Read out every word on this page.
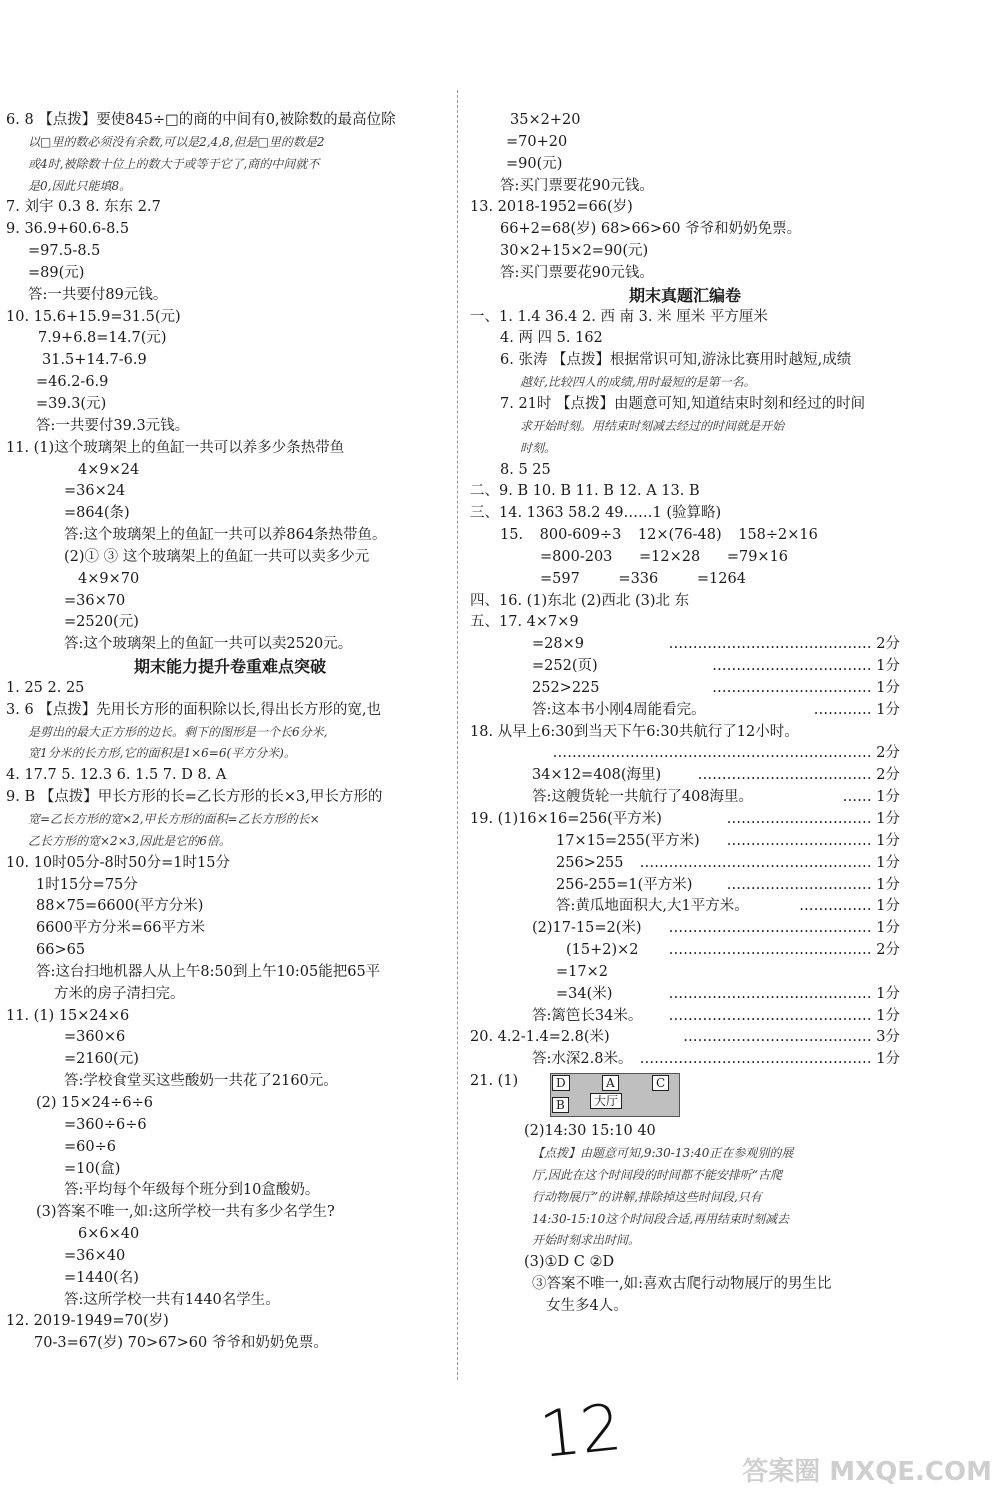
6. 8 【点拨】要使845÷□的商的中间有0,被除数的最高位除
以□里的数必须没有余数,可以是2,4,8,但是□里的数是2
或4时,被除数十位上的数大于或等于它了,商的中间就不
是0,因此只能填8。
7. 刘宇 0.3 8. 东东 2.7
9. 36.9+60.6-8.5
=97.5-8.5
=89(元)
答:一共要付89元钱。
10. 15.6+15.9=31.5(元)
7.9+6.8=14.7(元)
31.5+14.7-6.9
=46.2-6.9
=39.3(元)
答:一共要付39.3元钱。
11. (1)这个玻璃架上的鱼缸一共可以养多少条热带鱼
4×9×24
=36×24
=864(条)
答:这个玻璃架上的鱼缸一共可以养864条热带鱼。
(2)① ③ 这个玻璃架上的鱼缸一共可以卖多少元
4×9×70
=36×70
=2520(元)
答:这个玻璃架上的鱼缸一共可以卖2520元。
期末能力提升卷重难点突破
1. 25 2. 25
3. 6 【点拨】先用长方形的面积除以长,得出长方形的宽,也
是剪出的最大正方形的边长。剩下的图形是一个长6分米,
宽1分米的长方形,它的面积是1×6=6(平方分米)。
4. 17.7 5. 12.3 6. 1.5 7. D 8. A
9. B 【点拨】甲长方形的长=乙长方形的长×3,甲长方形的
宽=乙长方形的宽×2,甲长方形的面积=乙长方形的长×
乙长方形的宽×2×3,因此是它的6倍。
10. 10时05分-8时50分=1时15分
1时15分=75分
88×75=6600(平方分米)
6600平方分米=66平方米
66>65
答:这台扫地机器人从上午8:50到上午10:05能把65平
方米的房子清扫完。
11. (1) 15×24×6
=360×6
=2160(元)
答:学校食堂买这些酸奶一共花了2160元。
(2) 15×24÷6÷6
=360÷6÷6
=60÷6
=10(盒)
答:平均每个年级每个班分到10盒酸奶。
(3)答案不唯一,如:这所学校一共有多少名学生?
6×6×40
=36×40
=1440(名)
答:这所学校一共有1440名学生。
12. 2019-1949=70(岁)
70-3=67(岁) 70>67>60 爷爷和奶奶免票。
35×2+20
=70+20
=90(元)
答:买门票要花90元钱。
13. 2018-1952=66(岁)
66+2=68(岁) 68>66>60 爷爷和奶奶免票。
30×2+15×2=90(元)
答:买门票要花90元钱。
期末真题汇编卷
一、1. 1.4 36.4 2. 西 南 3. 米 厘米 平方厘米
4. 两 四 5. 162
6. 张涛 【点拨】根据常识可知,游泳比赛用时越短,成绩
越好,比较四人的成绩,用时最短的是第一名。
7. 21时 【点拨】由题意可知,知道结束时刻和经过的时间
求开始时刻。用结束时刻减去经过的时间就是开始
时刻。
8. 5 25
二、9. B 10. B 11. B 12. A 13. B
三、14. 1363 58.2 49……1 (验算略)
15. 800-609÷3 12×(76-48) 158÷2×16
=800-203 =12×28 =79×16
=597 =336 =1264
四、16. (1)东北 (2)西北 (3)北 东
五、17. 4×7×9
=28×9	…………………………………… 2分
=252(页)	…………………………… 1分
252>225	…………………………… 1分
答:这本书小刚4周能看完。	………… 1分
18. 从早上6:30到当天下午6:30共航行了12小时。
………………………………………………………… 2分
34×12=408(海里)	……………………………… 2分
答:这艘货轮一共航行了408海里。	…… 1分
19. (1)16×16=256(平方米)	………………………… 1分
17×15=255(平方米) ………………………… 1分
256>255 ………………………………………… 1分
256-255=1(平方米) ………………………… 1分
答:黄瓜地面积大,大1平方米。	…………… 1分
(2)17-15=2(米) …………………………………… 1分
(15+2)×2 …………………………………… 2分
=17×2
=34(米)	…………………………………… 1分
答:篱笆长34米。 …………………………………… 1分
20. 4.2-1.4=2.8(米)	………………………………… 3分
答:水深2.8米。 ………………………………………… 1分
21. (1)	D	A	C
B	大厅
(2)14:30 15:10 40
【点拨】由题意可知,9:30-13:40正在参观别的展
厅,因此在这个时间段的时间都不能安排听“古爬
行动物展厅”的讲解,排除掉这些时间段,只有
14:30-15:10这个时间段合适,再用结束时刻减去
开始时刻求出时间。
(3)①D C ②D
③答案不唯一,如:喜欢古爬行动物展厅的男生比
女生多4人。
12	答案圈 MXQE.COM
